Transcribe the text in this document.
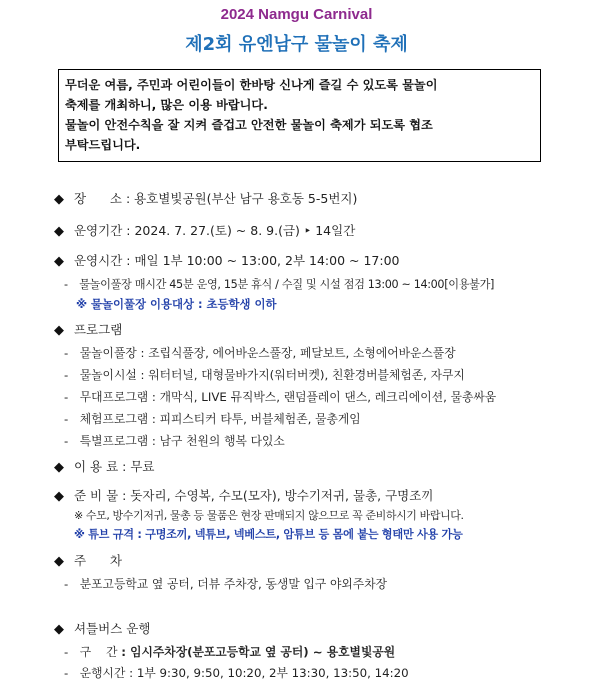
2024 Namgu Carnival
제2회 유엔남구 물놀이 축제
무더운 여름, 주민과 어린이들이 한바탕 신나게 즐길 수 있도록 물놀이
축제를 개최하니, 많은 이용 바랍니다.
물놀이 안전수칙을 잘 지켜 즐겁고 안전한 물놀이 축제가 되도록 협조
부탁드립니다.
◆ 장      소 : 용호별빛공원(부산 남구 용호동 5-5번지)
◆ 운영기간 : 2024. 7. 27.(토) ~ 8. 9.(금) ‣ 14일간
◆ 운영시간 : 매일 1부 10:00 ~ 13:00, 2부 14:00 ~ 17:00
- 물놀이풀장 매시간 45분 운영, 15분 휴식 / 수질 및 시설 점검 13:00 ~ 14:00[이용불가]
※ 물놀이풀장 이용대상 : 초등학생 이하
◆ 프로그램
- 물놀이풀장 : 조립식풀장, 에어바운스풀장, 페달보트, 소형에어바운스풀장
- 물놀이시설 : 워터터널, 대형물바가지(워터버켓), 친환경버블체험존, 자쿠지
- 무대프로그램 : 개막식, LIVE 뮤직박스, 랜덤플레이 댄스, 레크리에이션, 물총싸움
- 체험프로그램 : 피피스티커 타투, 버블체험존, 물총게임
- 특별프로그램 : 남구 천원의 행복 다있소
◆ 이 용 료 : 무료
◆ 준 비 물 : 돗자리, 수영복, 수모(모자), 방수기저귀, 물총, 구명조끼
※ 수모, 방수기저귀, 물총 등 물품은 현장 판매되지 않으므로 꼭 준비하시기 바랍니다.
※ 튜브 규격 : 구명조끼, 넥튜브, 넥베스트, 암튜브 등 몸에 붙는 형태만 사용 가능
◆ 주      차
- 분포고등학교 옆 공터, 더뷰 주차장, 동생말 입구 야외주차장
◆ 셔틀버스 운행
- 구    간 : 임시주차장(분포고등학교 옆 공터) ~ 용호별빛공원
- 운행시간 : 1부 9:30, 9:50, 10:20, 2부 13:30, 13:50, 14:20
